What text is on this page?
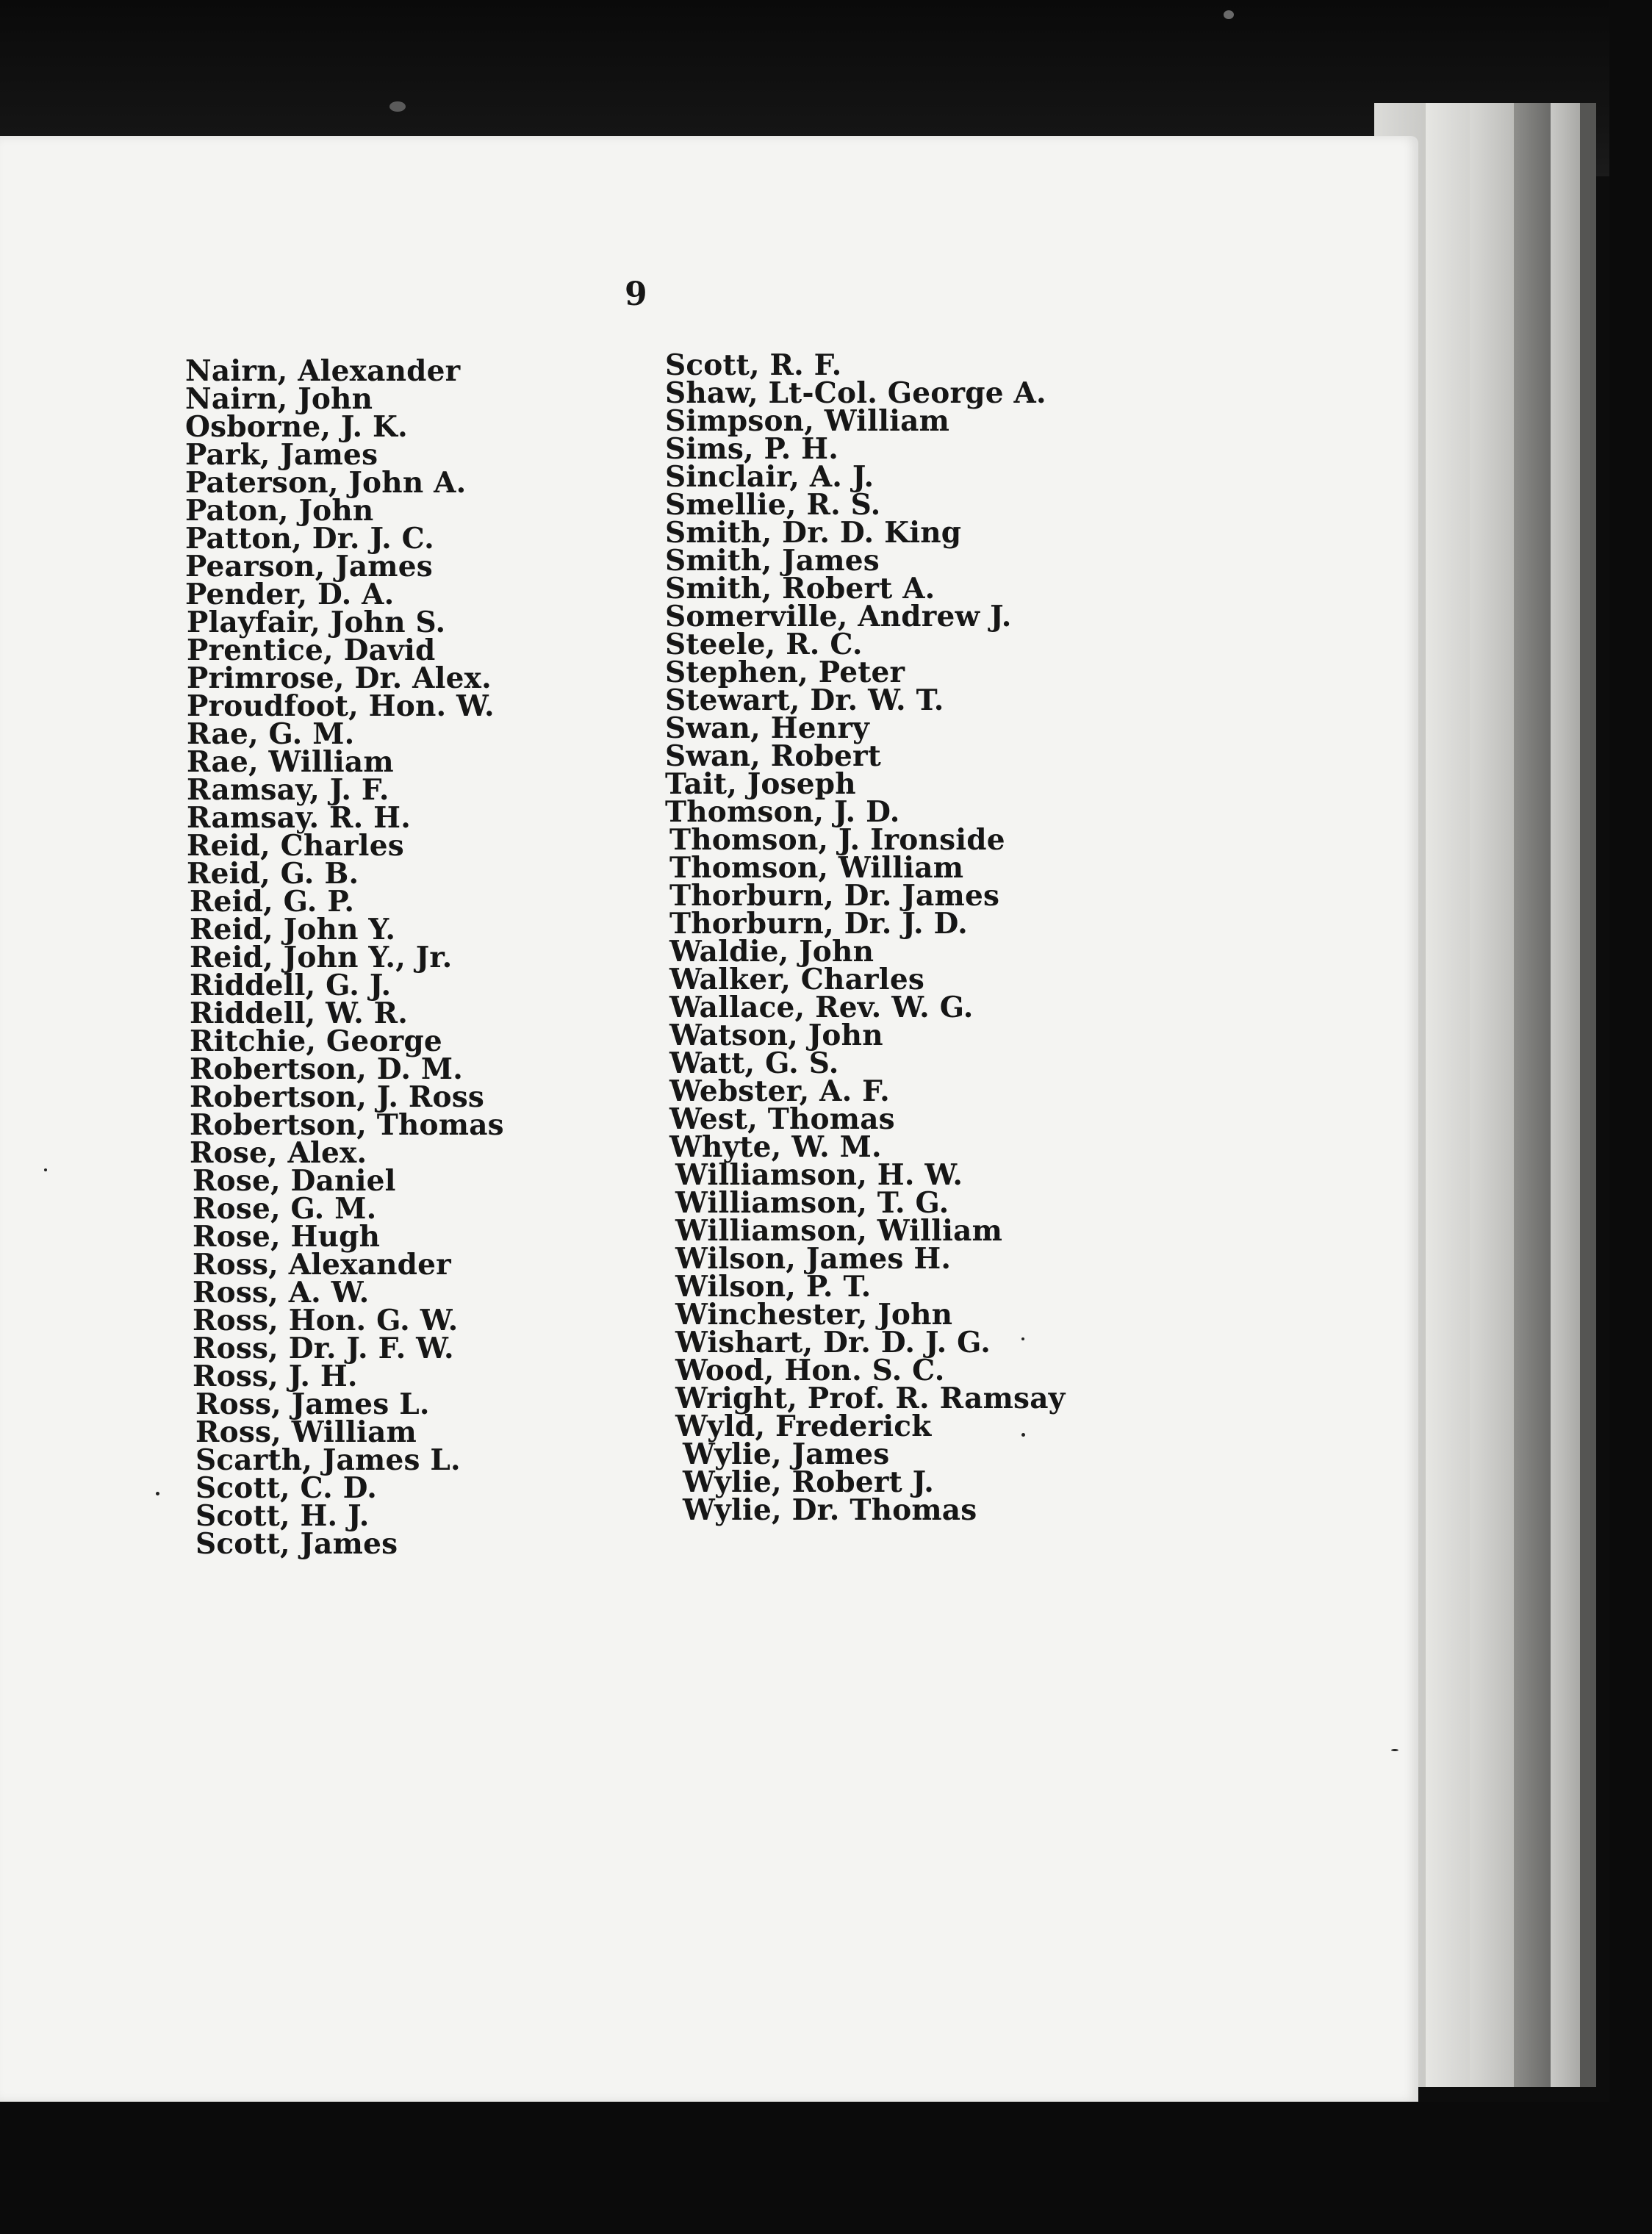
9
Nairn, Alexander
Nairn, John
Osborne, J. K.
Park, James
Paterson, John A.
Paton, John
Patton, Dr. J. C.
Pearson, James
Pender, D. A.
Playfair, John S.
Prentice, David
Primrose, Dr. Alex.
Proudfoot, Hon. W.
Rae, G. M.
Rae, William
Ramsay, J. F.
Ramsay. R. H.
Reid, Charles
Reid, G. B.
Reid, G. P.
Reid, John Y.
Reid, John Y., Jr.
Riddell, G. J.
Riddell, W. R.
Ritchie, George
Robertson, D. M.
Robertson, J. Ross
Robertson, Thomas
Rose, Alex.
Rose, Daniel
Rose, G. M.
Rose, Hugh
Ross, Alexander
Ross, A. W.
Ross, Hon. G. W.
Ross, Dr. J. F. W.
Ross, J. H.
Ross, James L.
Ross, William
Scarth, James L.
Scott, C. D.
Scott, H. J.
Scott, James
Scott, R. F.
Shaw, Lt-Col. George A.
Simpson, William
Sims, P. H.
Sinclair, A. J.
Smellie, R. S.
Smith, Dr. D. King
Smith, James
Smith, Robert A.
Somerville, Andrew J.
Steele, R. C.
Stephen, Peter
Stewart, Dr. W. T.
Swan, Henry
Swan, Robert
Tait, Joseph
Thomson, J. D.
Thomson, J. Ironside
Thomson, William
Thorburn, Dr. James
Thorburn, Dr. J. D.
Waldie, John
Walker, Charles
Wallace, Rev. W. G.
Watson, John
Watt, G. S.
Webster, A. F.
West, Thomas
Whyte, W. M.
Williamson, H. W.
Williamson, T. G.
Williamson, William
Wilson, James H.
Wilson, P. T.
Winchester, John
Wishart, Dr. D. J. G.
Wood, Hon. S. C.
Wright, Prof. R. Ramsay
Wyld, Frederick
Wylie, James
Wylie, Robert J.
Wylie, Dr. Thomas
